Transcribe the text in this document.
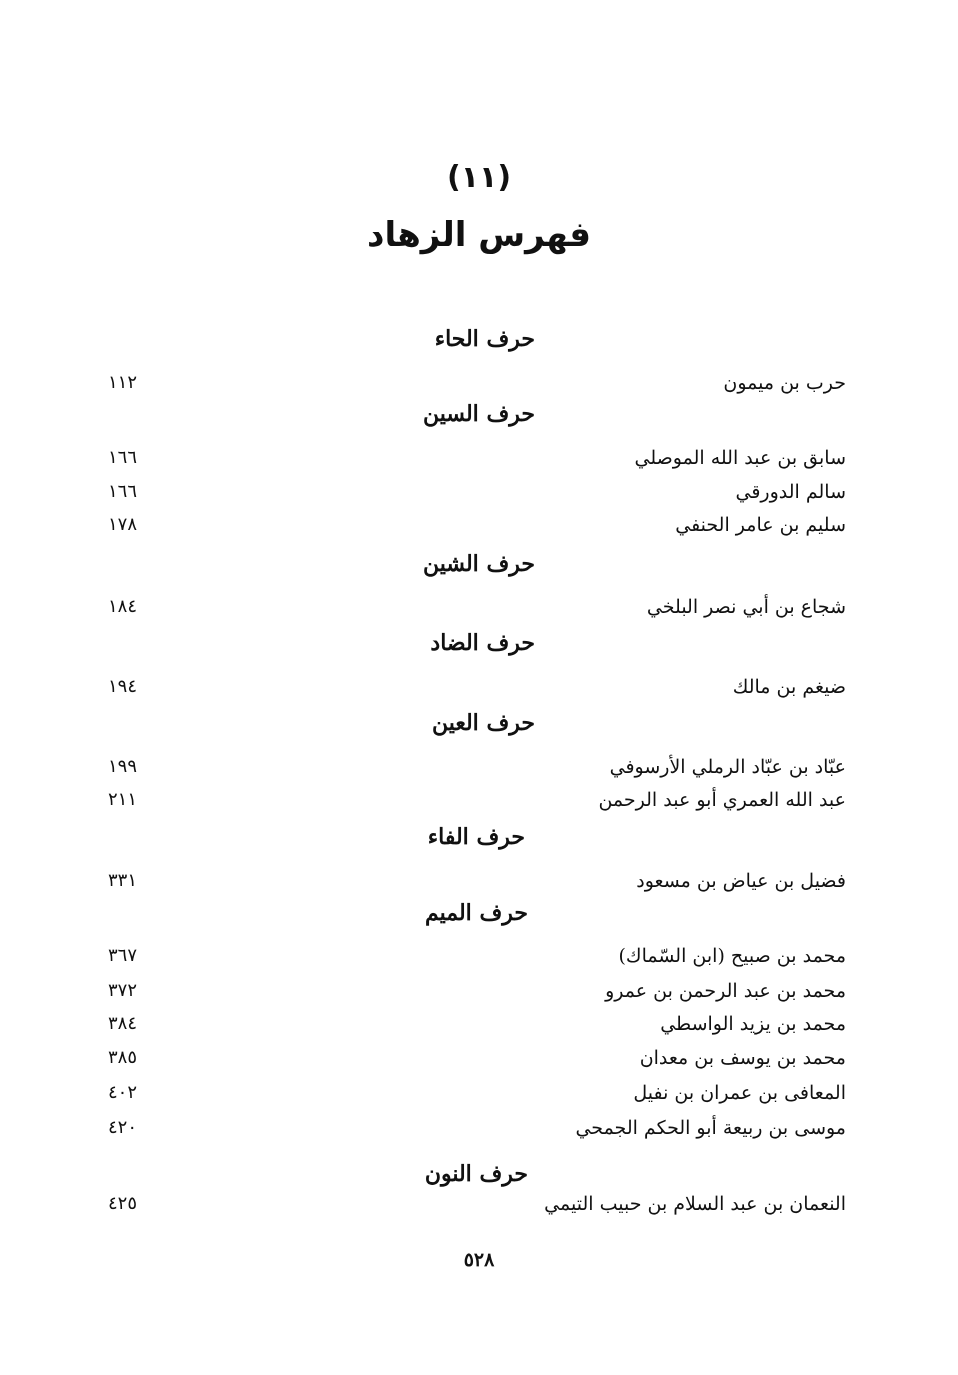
(١١)
فهرس الزهاد
حرف الحاء
حرب بن ميمون
١١٢
حرف السين
سابق بن عبد الله الموصلي
١٦٦
سالم الدورقي
١٦٦
سليم بن عامر الحنفي
١٧٨
حرف الشين
شجاع بن أبي نصر البلخي
١٨٤
حرف الضاد
ضيغم بن مالك
١٩٤
حرف العين
عبّاد بن عبّاد الرملي الأرسوفي
١٩٩
عبد الله العمري أبو عبد الرحمن
٢١١
حرف الفاء
فضيل بن عياض بن مسعود
٣٣١
حرف الميم
محمد بن صبيح (ابن السّماك)
٣٦٧
محمد بن عبد الرحمن بن عمرو
٣٧٢
محمد بن يزيد الواسطي
٣٨٤
محمد بن يوسف بن معدان
٣٨٥
المعافى بن عمران بن نفيل
٤٠٢
موسى بن ربيعة أبو الحكم الجمحي
٤٢٠
حرف النون
النعمان بن عبد السلام بن حبيب التيمي
٤٢٥
٥٢٨
